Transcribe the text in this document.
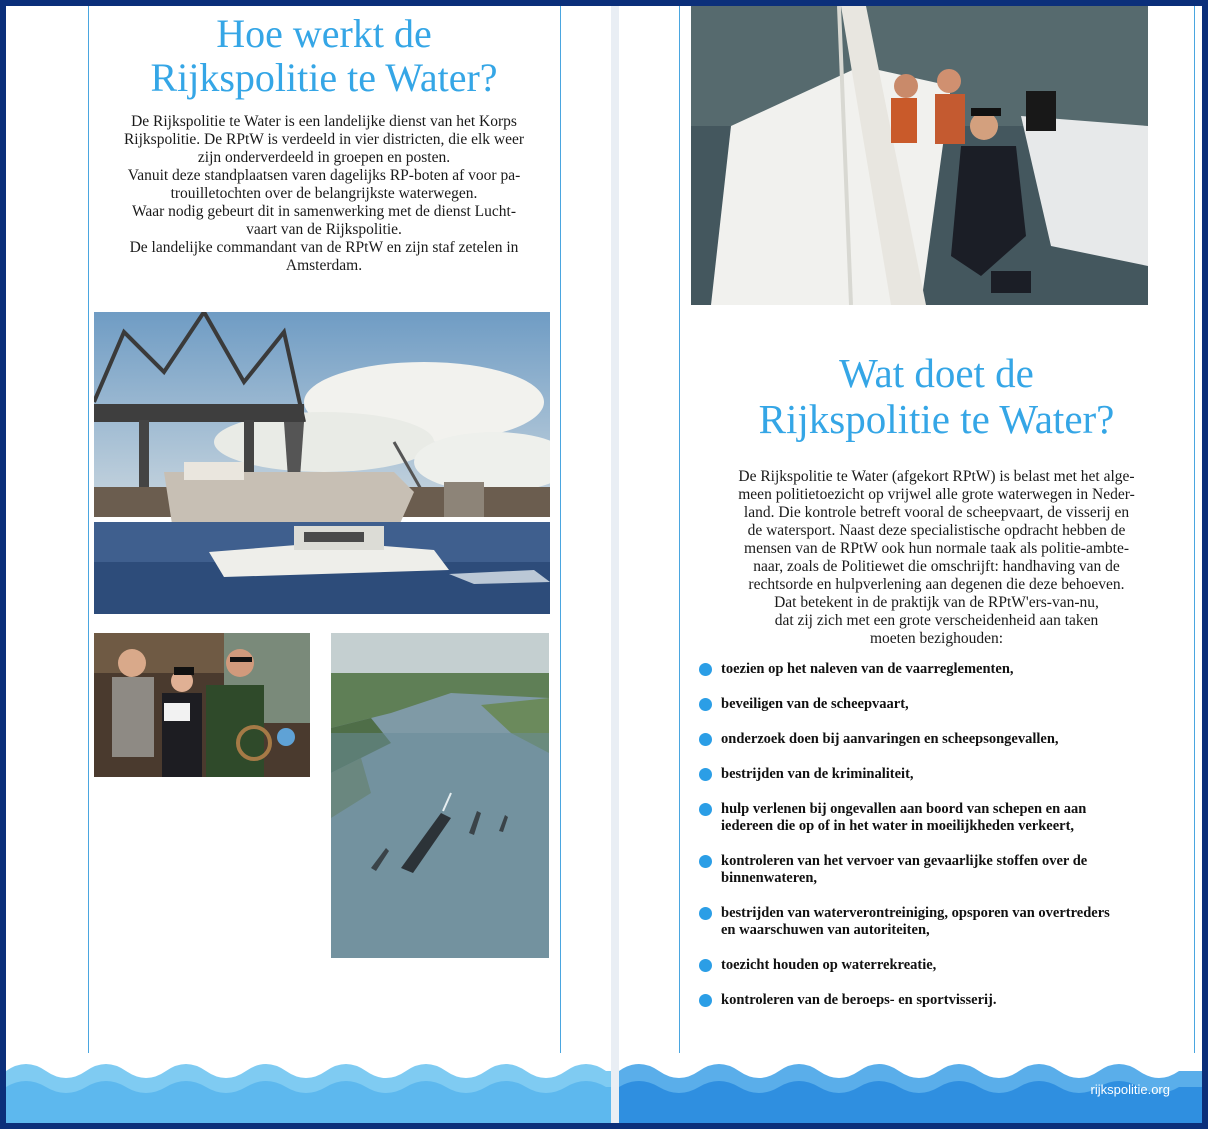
Hoe werkt de
Rijkspolitie te Water?
De Rijkspolitie te Water is een landelijke dienst van het Korps
Rijkspolitie. De RPtW is verdeeld in vier districten, die elk weer
zijn onderverdeeld in groepen en posten.
Vanuit deze standplaatsen varen dagelijks RP-boten af voor pa-
trouilletochten over de belangrijkste waterwegen.
Waar nodig gebeurt dit in samenwerking met de dienst Lucht-
vaart van de Rijkspolitie.
De landelijke commandant van de RPtW en zijn staf zetelen in
Amsterdam.
Wat doet de
Rijkspolitie te Water?
De Rijkspolitie te Water (afgekort RPtW) is belast met het alge-
meen politietoezicht op vrijwel alle grote waterwegen in Neder-
land. Die kontrole betreft vooral de scheepvaart, de visserij en
de watersport. Naast deze specialistische opdracht hebben de
mensen van de RPtW ook hun normale taak als politie-ambte-
naar, zoals de Politiewet die omschrijft: handhaving van de
rechtsorde en hulpverlening aan degenen die deze behoeven.
Dat betekent in de praktijk van de RPtW'ers-van-nu,
dat zij zich met een grote verscheidenheid aan taken
moeten bezighouden:
toezien op het naleven van de vaarreglementen,
beveiligen van de scheepvaart,
onderzoek doen bij aanvaringen en scheepsongevallen,
bestrijden van de kriminaliteit,
hulp verlenen bij ongevallen aan boord van schepen en aan
iedereen die op of in het water in moeilijkheden verkeert,
kontroleren van het vervoer van gevaarlijke stoffen over de
binnenwateren,
bestrijden van waterverontreiniging, opsporen van overtreders
en waarschuwen van autoriteiten,
toezicht houden op waterrekreatie,
kontroleren van de beroeps- en sportvisserij.
rijkspolitie.org
